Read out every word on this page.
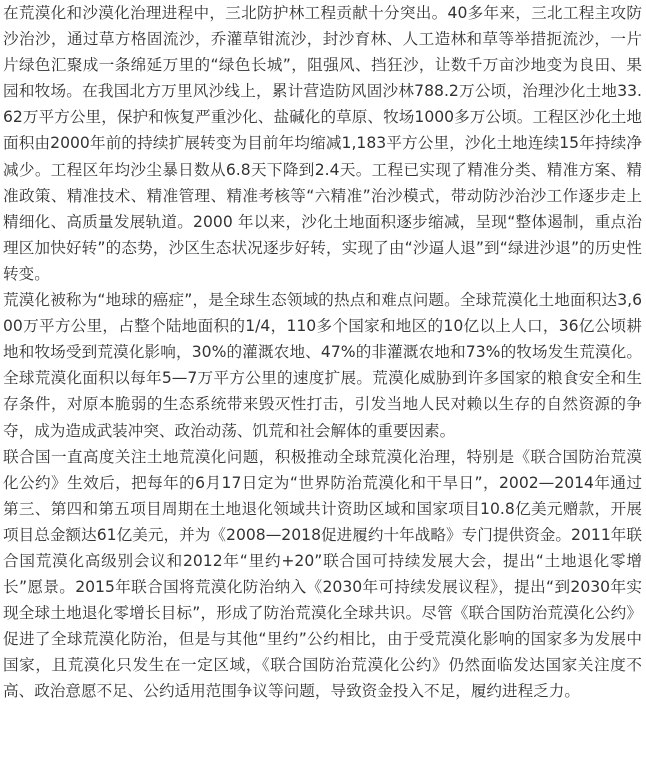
在荒漠化和沙漠化治理进程中，三北防护林工程贡献十分突出。40多年来，三北工程主攻防沙治沙，通过草方格固流沙，乔灌草钳流沙，封沙育林、人工造林和草等举措扼流沙，一片片绿色汇聚成一条绵延万里的“绿色长城”，阻强风、挡狂沙，让数千万亩沙地变为良田、果园和牧场。在我国北方万里风沙线上，累计营造防风固沙林788.2万公顷，治理沙化土地33.62万平方公里，保护和恢复严重沙化、盐碱化的草原、牧场1000多万公顷。工程区沙化土地面积由2000年前的持续扩展转变为目前年均缩减1,183平方公里，沙化土地连续15年持续净减少。工程区年均沙尘暴日数从6.8天下降到2.4天。工程已实现了精准分类、精准方案、精准政策、精准技术、精准管理、精准考核等“六精准”治沙模式，带动防沙治沙工作逐步走上精细化、高质量发展轨道。2000 年以来，沙化土地面积逐步缩减，呈现“整体遏制，重点治理区加快好转”的态势，沙区生态状况逐步好转，实现了由“沙逼人退”到“绿进沙退”的历史性转变。

荒漠化被称为“地球的癌症”，是全球生态领域的热点和难点问题。全球荒漠化土地面积达3,600万平方公里，占整个陆地面积的1/4，110多个国家和地区的10亿以上人口，36亿公顷耕地和牧场受到荒漠化影响，30%的灌溉农地、47%的非灌溉农地和73%的牧场发生荒漠化。全球荒漠化面积以每年5—7万平方公里的速度扩展。荒漠化威胁到许多国家的粮食安全和生存条件，对原本脆弱的生态系统带来毁灭性打击，引发当地人民对赖以生存的自然资源的争夺，成为造成武装冲突、政治动荡、饥荒和社会解体的重要因素。

联合国一直高度关注土地荒漠化问题，积极推动全球荒漠化治理，特别是《联合国防治荒漠化公约》生效后，把每年的6月17日定为“世界防治荒漠化和干旱日”，2002—2014年通过第三、第四和第五项目周期在土地退化领域共计资助区域和国家项目10.8亿美元赠款，开展项目总金额达61亿美元，并为《2008—2018促进履约十年战略》专门提供资金。2011年联合国荒漠化高级别会议和2012年“里约+20”联合国可持续发展大会，提出“土地退化零增长”愿景。2015年联合国将荒漠化防治纳入《2030年可持续发展议程》，提出“到2030年实现全球土地退化零增长目标”，形成了防治荒漠化全球共识。尽管《联合国防治荒漠化公约》促进了全球荒漠化防治，但是与其他“里约”公约相比，由于受荒漠化影响的国家多为发展中国家，且荒漠化只发生在一定区域，《联合国防治荒漠化公约》仍然面临发达国家关注度不高、政治意愿不足、公约适用范围争议等问题，导致资金投入不足，履约进程乏力。
